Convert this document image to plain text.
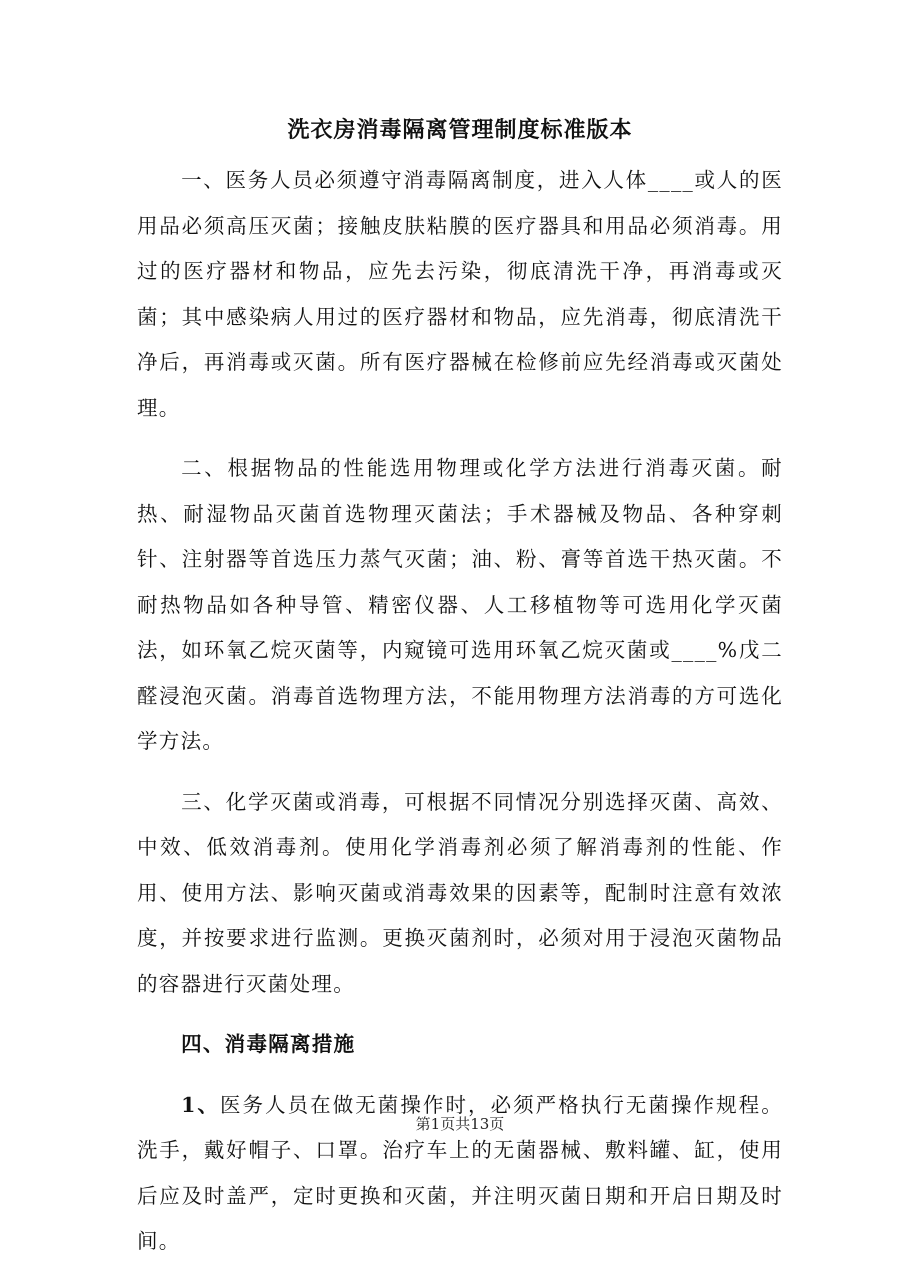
洗衣房消毒隔离管理制度标准版本

一、医务人员必须遵守消毒隔离制度，进入人体____或人的医用品必须高压灭菌；接触皮肤粘膜的医疗器具和用品必须消毒。用过的医疗器材和物品，应先去污染，彻底清洗干净，再消毒或灭菌；其中感染病人用过的医疗器材和物品，应先消毒，彻底清洗干净后，再消毒或灭菌。所有医疗器械在检修前应先经消毒或灭菌处理。

二、根据物品的性能选用物理或化学方法进行消毒灭菌。耐热、耐湿物品灭菌首选物理灭菌法；手术器械及物品、各种穿刺针、注射器等首选压力蒸气灭菌；油、粉、膏等首选干热灭菌。不耐热物品如各种导管、精密仪器、人工移植物等可选用化学灭菌法，如环氧乙烷灭菌等，内窥镜可选用环氧乙烷灭菌或____%戊二醛浸泡灭菌。消毒首选物理方法，不能用物理方法消毒的方可选化学方法。

三、化学灭菌或消毒，可根据不同情况分别选择灭菌、高效、中效、低效消毒剂。使用化学消毒剂必须了解消毒剂的性能、作用、使用方法、影响灭菌或消毒效果的因素等，配制时注意有效浓度，并按要求进行监测。更换灭菌剂时，必须对用于浸泡灭菌物品的容器进行灭菌处理。

四、消毒隔离措施

1、医务人员在做无菌操作时，必须严格执行无菌操作规程。洗手，戴好帽子、口罩。治疗车上的无菌器械、敷料罐、缸，使用后应及时盖严，定时更换和灭菌，并注明灭菌日期和开启日期及时间。

第1页共13页
